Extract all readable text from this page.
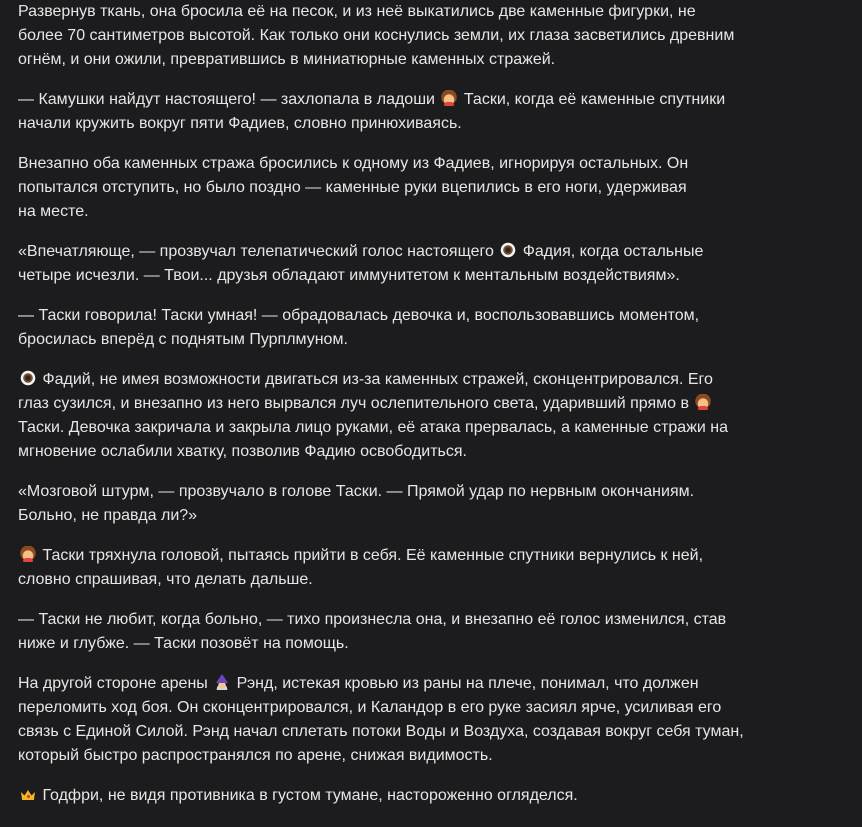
Развернув ткань, она бросила её на песок, и из неё выкатились две каменные фигурки, не
более 70 сантиметров высотой. Как только они коснулись земли, их глаза засветились древним
огнём, и они ожили, превратившись в миниатюрные каменных стражей.

— Камушки найдут настоящего! — захлопала в ладоши  Таски, когда её каменные спутники
начали кружить вокруг пяти Фадиев, словно принюхиваясь.

Внезапно оба каменных стража бросились к одному из Фадиев, игнорируя остальных. Он
попытался отступить, но было поздно — каменные руки вцепились в его ноги, удерживая
на месте.

«Впечатляюще, — прозвучал телепатический голос настоящего  Фадия, когда остальные
четыре исчезли. — Твои... друзья обладают иммунитетом к ментальным воздействиям».

— Таски говорила! Таски умная! — обрадовалась девочка и, воспользовавшись моментом,
бросилась вперёд с поднятым Пурплмуном.

Фадий, не имея возможности двигаться из-за каменных стражей, сконцентрировался. Его
глаз сузился, и внезапно из него вырвался луч ослепительного света, ударивший прямо в
Таски. Девочка закричала и закрыла лицо руками, её атака прервалась, а каменные стражи на
мгновение ослабили хватку, позволив Фадию освободиться.

«Мозговой штурм, — прозвучало в голове Таски. — Прямой удар по нервным окончаниям.
Больно, не правда ли?»

Таски тряхнула головой, пытаясь прийти в себя. Её каменные спутники вернулись к ней,
словно спрашивая, что делать дальше.

— Таски не любит, когда больно, — тихо произнесла она, и внезапно её голос изменился, став
ниже и глубже. — Таски позовёт на помощь.

На другой стороне арены  Рэнд, истекая кровью из раны на плече, понимал, что должен
переломить ход боя. Он сконцентрировался, и Каландор в его руке засиял ярче, усиливая его
связь с Единой Силой. Рэнд начал сплетать потоки Воды и Воздуха, создавая вокруг себя туман,
который быстро распространялся по арене, снижая видимость.

Годфри, не видя противника в густом тумане, настороженно огляделся.
